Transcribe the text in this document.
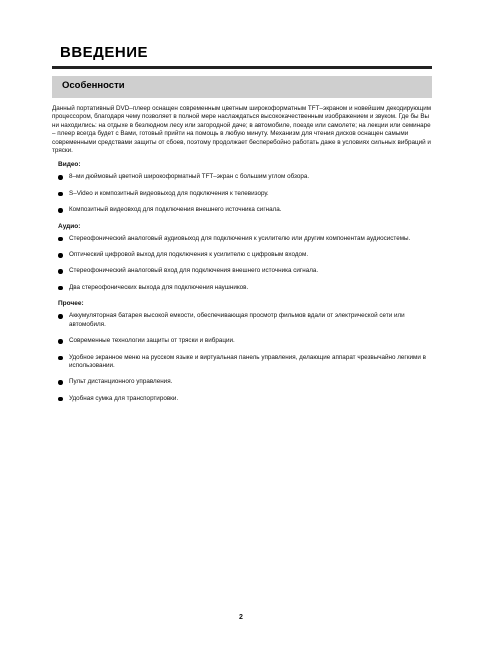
ВВЕДЕНИЕ
Особенности

Данный портативный DVD–плеер оснащен современным цветным широкоформатным TFT–экраном и новейшим декодирующим процессором, благодаря чему позволяет в полной мере наслаждаться высококачественным изображением и звуком. Где бы Вы ни находились: на отдыхе в безлюдном лесу или загородной даче; в автомобиле, поезде или самолете; на лекции или семинаре – плеер всегда будет с Вами, готовый прийти на помощь в любую минуту. Механизм для чтения дисков оснащен самыми современными средствами защиты от сбоев, поэтому продолжает бесперебойно работать даже в условиях сильных вибраций и тряски.

Видео:
8–ми дюймовый цветной широкоформатный TFT–экран с большим углом обзора.
S–Video и композитный видеовыход для подключения к телевизору.
Композитный видеовход для подключения внешнего источника сигнала.
Аудио:
Стереофонический аналоговый аудиовыход для подключения к усилителю или другим компонентам аудиосистемы.
Оптический цифровой выход для подключения к усилителю с цифровым входом.
Стереофонический аналоговый вход для подключения внешнего источника сигнала.
Два стереофонических выхода для подключения наушников.
Прочее:
Аккумуляторная батарея высокой емкости, обеспечивающая просмотр фильмов вдали от электрической сети или автомобиля.
Современные технологии защиты от тряски и вибрации.
Удобное экранное меню на русском языке и виртуальная панель управления, делающие аппарат чрезвычайно легкими в использовании.
Пульт дистанционного управления.
Удобная сумка для транспортировки.
2
